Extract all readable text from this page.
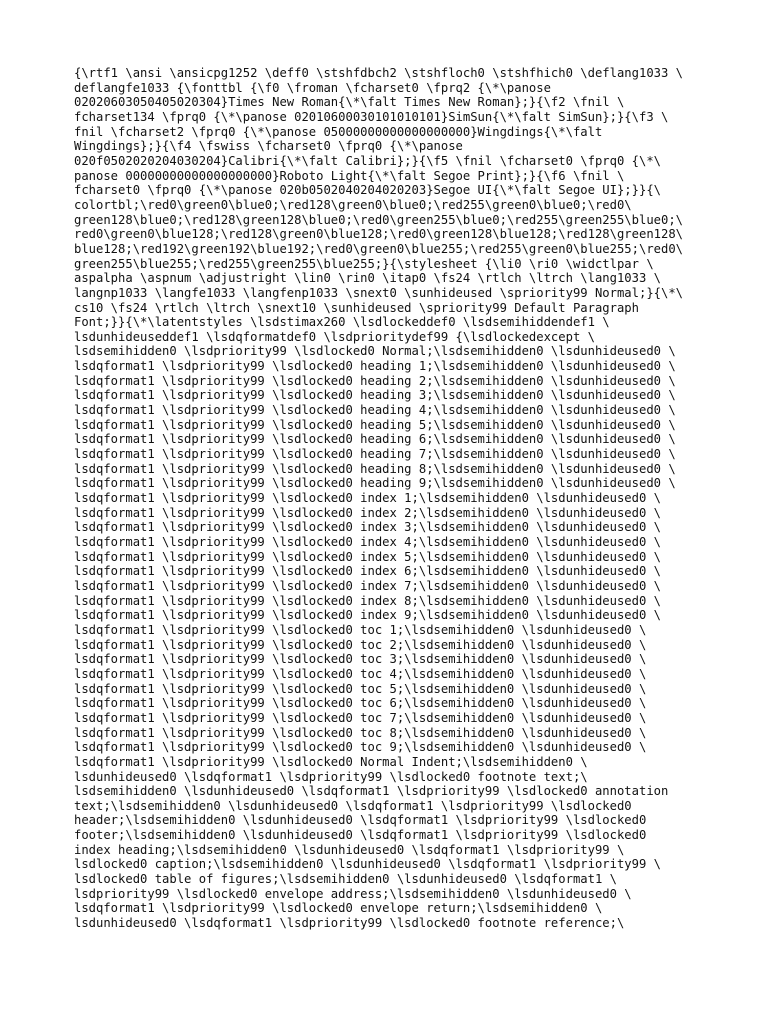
{\rtf1 \ansi \ansicpg1252 \deff0 \stshfdbch2 \stshfloch0 \stshfhich0 \deflang1033 \
deflangfe1033 {\fonttbl {\f0 \froman \fcharset0 \fprq2 {\*\panose
02020603050405020304}Times New Roman{\*\falt Times New Roman};}{\f2 \fnil \
fcharset134 \fprq0 {\*\panose 02010600030101010101}SimSun{\*\falt SimSun};}{\f3 \
fnil \fcharset2 \fprq0 {\*\panose 05000000000000000000}Wingdings{\*\falt
Wingdings};}{\f4 \fswiss \fcharset0 \fprq0 {\*\panose
020f0502020204030204}Calibri{\*\falt Calibri};}{\f5 \fnil \fcharset0 \fprq0 {\*\
panose 00000000000000000000}Roboto Light{\*\falt Segoe Print};}{\f6 \fnil \
fcharset0 \fprq0 {\*\panose 020b0502040204020203}Segoe UI{\*\falt Segoe UI};}}{\
colortbl;\red0\green0\blue0;\red128\green0\blue0;\red255\green0\blue0;\red0\
green128\blue0;\red128\green128\blue0;\red0\green255\blue0;\red255\green255\blue0;\
red0\green0\blue128;\red128\green0\blue128;\red0\green128\blue128;\red128\green128\
blue128;\red192\green192\blue192;\red0\green0\blue255;\red255\green0\blue255;\red0\
green255\blue255;\red255\green255\blue255;}{\stylesheet {\li0 \ri0 \widctlpar \
aspalpha \aspnum \adjustright \lin0 \rin0 \itap0 \fs24 \rtlch \ltrch \lang1033 \
langnp1033 \langfe1033 \langfenp1033 \snext0 \sunhideused \spriority99 Normal;}{\*\
cs10 \fs24 \rtlch \ltrch \snext10 \sunhideused \spriority99 Default Paragraph
Font;}}{\*\latentstyles \lsdstimax260 \lsdlockeddef0 \lsdsemihiddendef1 \
lsdunhideuseddef1 \lsdqformatdef0 \lsdprioritydef99 {\lsdlockedexcept \
lsdsemihidden0 \lsdpriority99 \lsdlocked0 Normal;\lsdsemihidden0 \lsdunhideused0 \
lsdqformat1 \lsdpriority99 \lsdlocked0 heading 1;\lsdsemihidden0 \lsdunhideused0 \
lsdqformat1 \lsdpriority99 \lsdlocked0 heading 2;\lsdsemihidden0 \lsdunhideused0 \
lsdqformat1 \lsdpriority99 \lsdlocked0 heading 3;\lsdsemihidden0 \lsdunhideused0 \
lsdqformat1 \lsdpriority99 \lsdlocked0 heading 4;\lsdsemihidden0 \lsdunhideused0 \
lsdqformat1 \lsdpriority99 \lsdlocked0 heading 5;\lsdsemihidden0 \lsdunhideused0 \
lsdqformat1 \lsdpriority99 \lsdlocked0 heading 6;\lsdsemihidden0 \lsdunhideused0 \
lsdqformat1 \lsdpriority99 \lsdlocked0 heading 7;\lsdsemihidden0 \lsdunhideused0 \
lsdqformat1 \lsdpriority99 \lsdlocked0 heading 8;\lsdsemihidden0 \lsdunhideused0 \
lsdqformat1 \lsdpriority99 \lsdlocked0 heading 9;\lsdsemihidden0 \lsdunhideused0 \
lsdqformat1 \lsdpriority99 \lsdlocked0 index 1;\lsdsemihidden0 \lsdunhideused0 \
lsdqformat1 \lsdpriority99 \lsdlocked0 index 2;\lsdsemihidden0 \lsdunhideused0 \
lsdqformat1 \lsdpriority99 \lsdlocked0 index 3;\lsdsemihidden0 \lsdunhideused0 \
lsdqformat1 \lsdpriority99 \lsdlocked0 index 4;\lsdsemihidden0 \lsdunhideused0 \
lsdqformat1 \lsdpriority99 \lsdlocked0 index 5;\lsdsemihidden0 \lsdunhideused0 \
lsdqformat1 \lsdpriority99 \lsdlocked0 index 6;\lsdsemihidden0 \lsdunhideused0 \
lsdqformat1 \lsdpriority99 \lsdlocked0 index 7;\lsdsemihidden0 \lsdunhideused0 \
lsdqformat1 \lsdpriority99 \lsdlocked0 index 8;\lsdsemihidden0 \lsdunhideused0 \
lsdqformat1 \lsdpriority99 \lsdlocked0 index 9;\lsdsemihidden0 \lsdunhideused0 \
lsdqformat1 \lsdpriority99 \lsdlocked0 toc 1;\lsdsemihidden0 \lsdunhideused0 \
lsdqformat1 \lsdpriority99 \lsdlocked0 toc 2;\lsdsemihidden0 \lsdunhideused0 \
lsdqformat1 \lsdpriority99 \lsdlocked0 toc 3;\lsdsemihidden0 \lsdunhideused0 \
lsdqformat1 \lsdpriority99 \lsdlocked0 toc 4;\lsdsemihidden0 \lsdunhideused0 \
lsdqformat1 \lsdpriority99 \lsdlocked0 toc 5;\lsdsemihidden0 \lsdunhideused0 \
lsdqformat1 \lsdpriority99 \lsdlocked0 toc 6;\lsdsemihidden0 \lsdunhideused0 \
lsdqformat1 \lsdpriority99 \lsdlocked0 toc 7;\lsdsemihidden0 \lsdunhideused0 \
lsdqformat1 \lsdpriority99 \lsdlocked0 toc 8;\lsdsemihidden0 \lsdunhideused0 \
lsdqformat1 \lsdpriority99 \lsdlocked0 toc 9;\lsdsemihidden0 \lsdunhideused0 \
lsdqformat1 \lsdpriority99 \lsdlocked0 Normal Indent;\lsdsemihidden0 \
lsdunhideused0 \lsdqformat1 \lsdpriority99 \lsdlocked0 footnote text;\
lsdsemihidden0 \lsdunhideused0 \lsdqformat1 \lsdpriority99 \lsdlocked0 annotation
text;\lsdsemihidden0 \lsdunhideused0 \lsdqformat1 \lsdpriority99 \lsdlocked0
header;\lsdsemihidden0 \lsdunhideused0 \lsdqformat1 \lsdpriority99 \lsdlocked0
footer;\lsdsemihidden0 \lsdunhideused0 \lsdqformat1 \lsdpriority99 \lsdlocked0
index heading;\lsdsemihidden0 \lsdunhideused0 \lsdqformat1 \lsdpriority99 \
lsdlocked0 caption;\lsdsemihidden0 \lsdunhideused0 \lsdqformat1 \lsdpriority99 \
lsdlocked0 table of figures;\lsdsemihidden0 \lsdunhideused0 \lsdqformat1 \
lsdpriority99 \lsdlocked0 envelope address;\lsdsemihidden0 \lsdunhideused0 \
lsdqformat1 \lsdpriority99 \lsdlocked0 envelope return;\lsdsemihidden0 \
lsdunhideused0 \lsdqformat1 \lsdpriority99 \lsdlocked0 footnote reference;\
